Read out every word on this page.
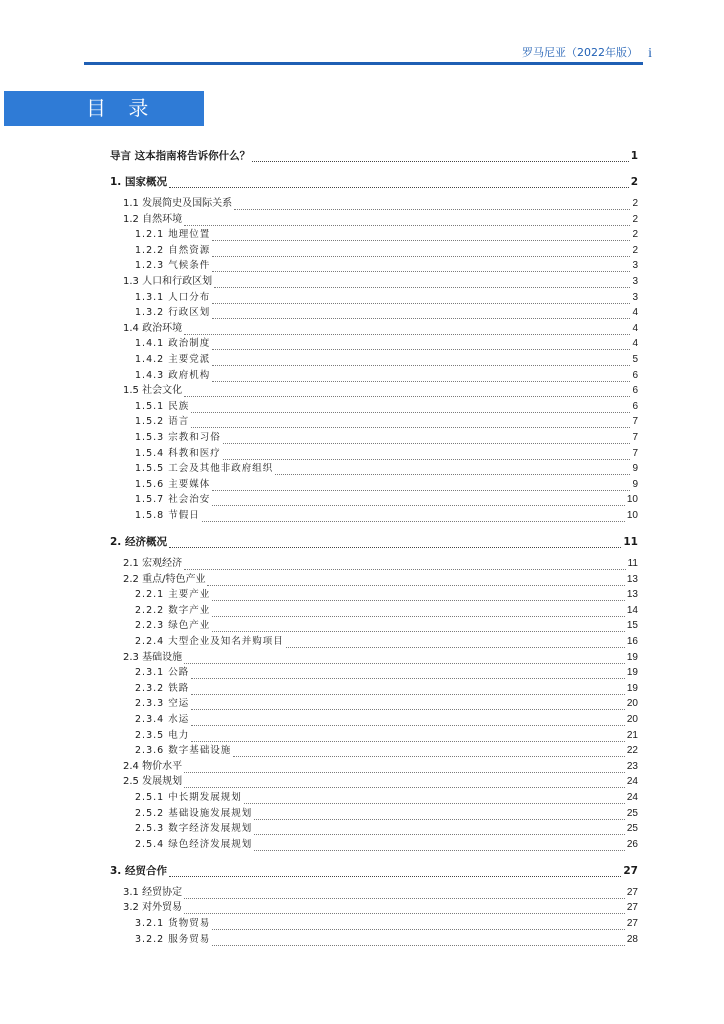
罗马尼亚（2022年版） i
目 录
导言 这本指南将告诉你什么？	1
1. 国家概况	2
1.1 发展简史及国际关系	2
1.2 自然环境	2
1.2.1 地理位置	2
1.2.2 自然资源	2
1.2.3 气候条件	3
1.3 人口和行政区划	3
1.3.1 人口分布	3
1.3.2 行政区划	4
1.4 政治环境	4
1.4.1 政治制度	4
1.4.2 主要党派	5
1.4.3 政府机构	6
1.5 社会文化	6
1.5.1 民族	6
1.5.2 语言	7
1.5.3 宗教和习俗	7
1.5.4 科教和医疗	7
1.5.5 工会及其他非政府组织	9
1.5.6 主要媒体	9
1.5.7 社会治安	10
1.5.8 节假日	10
2. 经济概况	11
2.1 宏观经济	11
2.2 重点/特色产业	13
2.2.1 主要产业	13
2.2.2 数字产业	14
2.2.3 绿色产业	15
2.2.4 大型企业及知名并购项目	16
2.3 基础设施	19
2.3.1 公路	19
2.3.2 铁路	19
2.3.3 空运	20
2.3.4 水运	20
2.3.5 电力	21
2.3.6 数字基础设施	22
2.4 物价水平	23
2.5 发展规划	24
2.5.1 中长期发展规划	24
2.5.2 基础设施发展规划	25
2.5.3 数字经济发展规划	25
2.5.4 绿色经济发展规划	26
3. 经贸合作	27
3.1 经贸协定	27
3.2 对外贸易	27
3.2.1 货物贸易	27
3.2.2 服务贸易	28
